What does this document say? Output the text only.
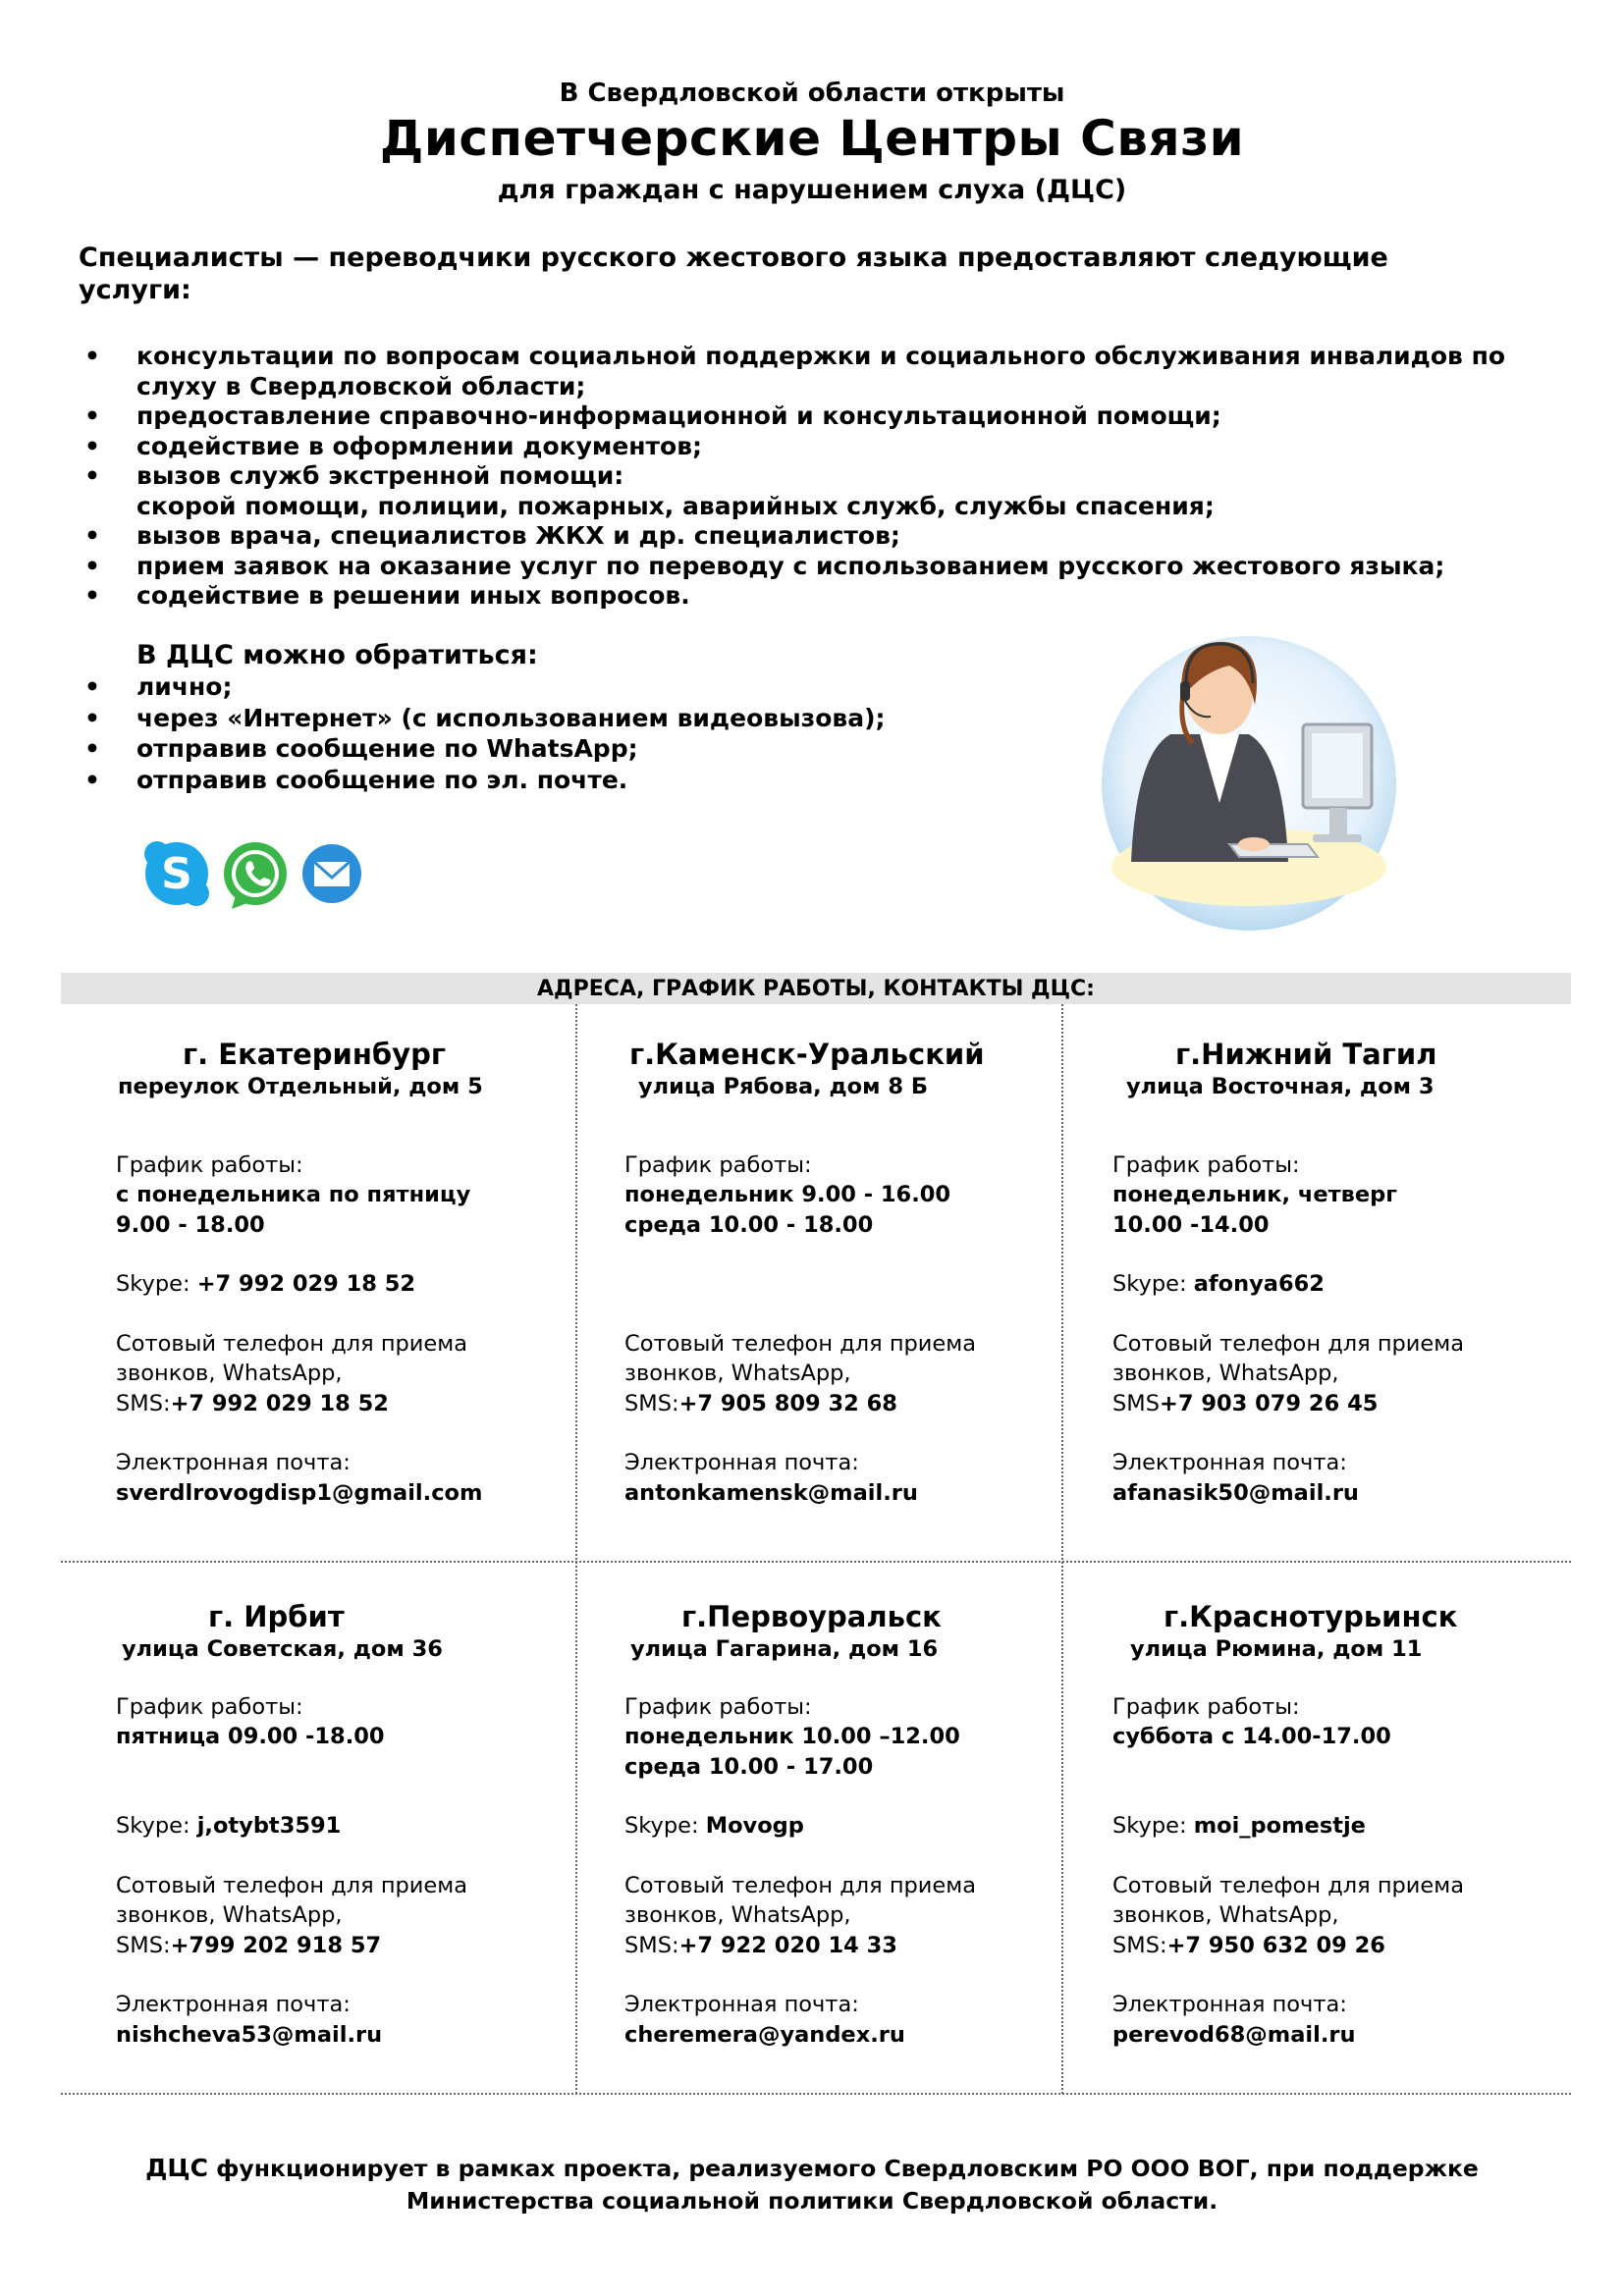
В Свердловской области открыты
Диспетчерские Центры Связи
для граждан с нарушением слуха (ДЦС)

Специалисты — переводчики русского жестового языка предоставляют следующие услуги:

• консультации по вопросам социальной поддержки и социального обслуживания инвалидов по слуху в Свердловской области;
• предоставление справочно-информационной и консультационной помощи;
• содействие в оформлении документов;
• вызов служб экстренной помощи:
скорой помощи, полиции, пожарных, аварийных служб, службы спасения;
• вызов врача, специалистов ЖКХ и др. специалистов;
• прием заявок на оказание услуг по переводу с использованием русского жестового языка;
• содействие в решении иных вопросов.

В ДЦС можно обратиться:

• лично;
• через «Интернет» (с использованием видеовызова);
• отправив сообщение по WhatsApp;
• отправив сообщение по эл. почте.
S
АДРЕСА, ГРАФИК РАБОТЫ, КОНТАКТЫ ДЦС:
г. Екатеринбург
переулок Отдельный, дом 5
График работы:
с понедельника по пятницу
9.00 - 18.00
Skype: +7 992 029 18 52
Сотовый телефон для приема
звонков, WhatsApp,
SMS:+7 992 029 18 52
Электронная почта:
sverdlrovogdisp1@gmail.com
г.Каменск-Уральский
улица Рябова, дом 8 Б
График работы:
понедельник 9.00 - 16.00
среда 10.00 - 18.00
Сотовый телефон для приема
звонков, WhatsApp,
SMS:+7 905 809 32 68
Электронная почта:
antonkamensk@mail.ru
г.Нижний Тагил
улица Восточная, дом 3
График работы:
понедельник, четверг
10.00 -14.00
Skype: afonya662
Сотовый телефон для приема
звонков, WhatsApp,
SMS+7 903 079 26 45
Электронная почта:
afanasik50@mail.ru
г. Ирбит
улица Советская, дом 36
График работы:
пятница 09.00 -18.00
Skype: j,otybt3591
Сотовый телефон для приема
звонков, WhatsApp,
SMS:+799 202 918 57
Электронная почта:
nishcheva53@mail.ru
г.Первоуральск
улица Гагарина, дом 16
График работы:
понедельник 10.00 –12.00
среда 10.00 - 17.00
Skype: Movogp
Сотовый телефон для приема
звонков, WhatsApp,
SMS:+7 922 020 14 33
Электронная почта:
cheremera@yandex.ru
г.Краснотурьинск
улица Рюмина, дом 11
График работы:
суббота с 14.00-17.00
Skype: moi_pomestje
Сотовый телефон для приема
звонков, WhatsApp,
SMS:+7 950 632 09 26
Электронная почта:
perevod68@mail.ru
ДЦС функционирует в рамках проекта, реализуемого Свердловским РО ООО ВОГ, при поддержке
Министерства социальной политики Свердловской области.
